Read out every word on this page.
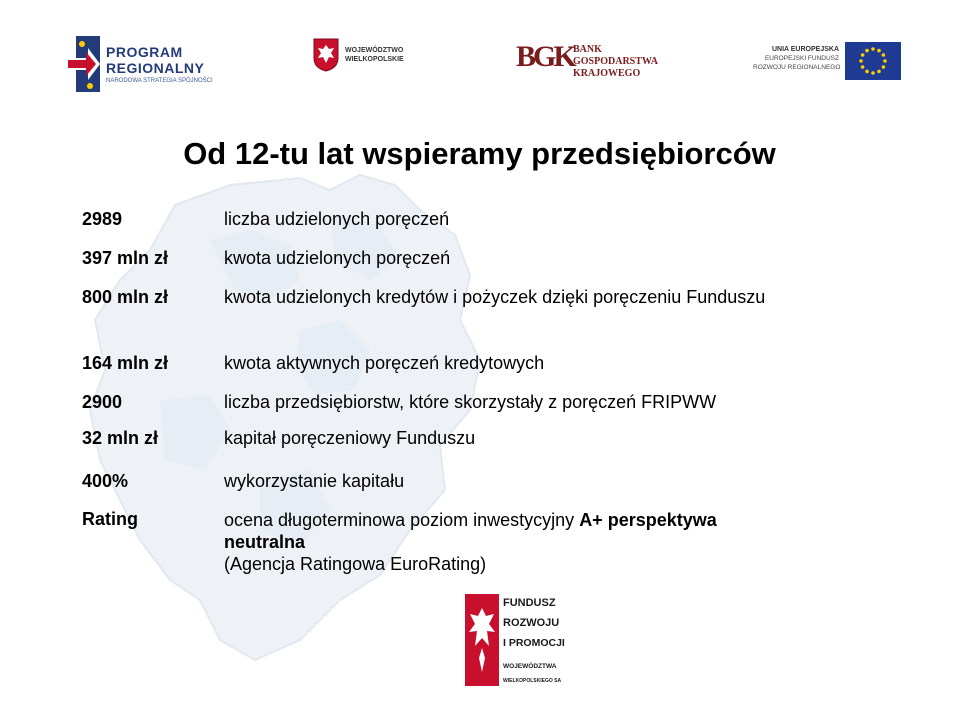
PROGRAM
REGIONALNY
NARODOWA STRATEGIA SPÓJNOŚCI
WOJEWÓDZTWO
WIELKOPOLSKIE	BGK BANK
GOSPODARSTWA
KRAJOWEGO
UNIA EUROPEJSKA
EUROPEJSKI FUNDUSZ
ROZWOJU REGIONALNEGO
Od 12-tu lat wspieramy przedsiębiorców
2989	liczba udzielonych poręczeń
397 mln zł	kwota udzielonych poręczeń
800 mln zł	kwota udzielonych kredytów i pożyczek dzięki poręczeniu Funduszu
164 mln zł	kwota aktywnych poręczeń kredytowych
2900	liczba przedsiębiorstw, które skorzystały z poręczeń FRIPWW
32 mln zł	kapitał poręczeniowy Funduszu
400%	wykorzystanie kapitału
Rating	ocena długoterminowa poziom inwestycyjny A+ perspektywa
neutralna
(Agencja Ratingowa EuroRating)
FUNDUSZ
ROZWOJU
I PROMOCJI
WOJEWÓDZTWA
WIELKOPOLSKIEGO SA
